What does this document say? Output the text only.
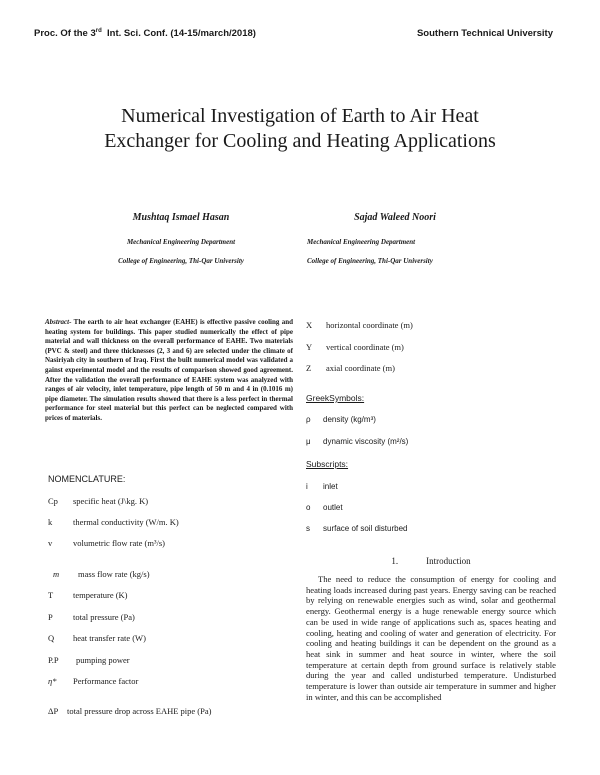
Proc. Of the 3rd  Int. Sci. Conf. (14-15/march/2018)	Southern Technical University
Numerical Investigation of Earth to Air Heat
Exchanger for Cooling and Heating Applications
Mushtaq Ismael Hasan
Mechanical Engineering Department
College of Engineering, Thi-Qar University
Sajad Waleed Noori
Mechanical Engineering Department
College of Engineering, Thi-Qar University
Abstract- The earth to air heat exchanger (EAHE) is effective passive cooling and heating system for buildings. This paper studied numerically the effect of pipe material and wall thickness on the overall performance of EAHE. Two materials (PVC & steel) and three thicknesses (2, 3 and 6) are selected under the climate of Nasiriyah city in southern of Iraq. First the built numerical model was validated a gainst experimental model and the results of comparison showed good agreement. After the validation the overall performance of EAHE system was analyzed with ranges of air velocity, inlet temperature, pipe length of 50 m and 4 in (0.1016 m) pipe diameter. The simulation results showed that there is a less perfect in thermal performance for steel material but this perfect can be neglected compared with prices of materials.
NOMENCLATURE:
Cp specific heat (J\kg. K)
k thermal conductivity (W/m. K)
v volumetric flow rate (m³/s)
m mass flow rate (kg/s)
T temperature (K)
P total pressure (Pa)
Q heat transfer rate (W)
P.P pumping power
η* Performance factor
ΔP total pressure drop across EAHE pipe (Pa)
X horizontal coordinate (m)
Y vertical coordinate (m)
Z axial coordinate (m)
GreekSymbols:
ρ density (kg/m³)
μ dynamic viscosity (m²/s)
Subscripts:
i inlet
o outlet
s surface of soil disturbed
1.	Introduction
The need to reduce the consumption of energy for cooling and heating loads increased during past years. Energy saving can be reached by relying on renewable energies such as wind, solar and geothermal energy. Geothermal energy is a huge renewable energy source which can be used in wide range of applications such as, spaces heating and cooling, heating and cooling of water and generation of electricity. For cooling and heating buildings it can be dependent on the ground as a heat sink in summer and heat source in winter, where the soil temperature at certain depth from ground surface is relatively stable during the year and called undisturbed temperature. Undisturbed temperature is lower than outside air temperature in summer and higher in winter, and this can be accomplished
